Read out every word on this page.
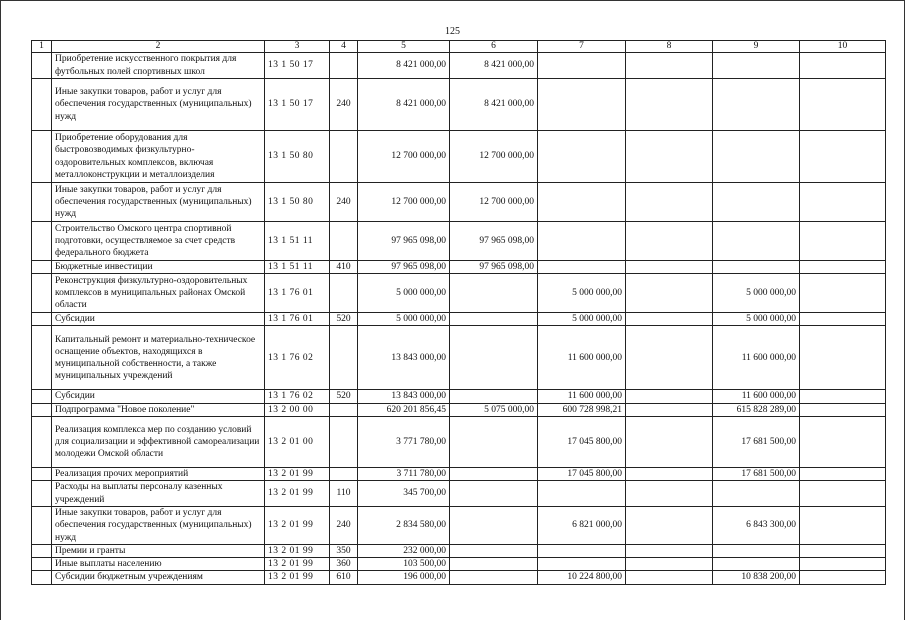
125
1	2	3	4	5	6	7	8	9	10
	Приобретение искусственного покрытия для футбольных полей спортивных школ	13 1 50 17		8 421 000,00	8 421 000,00				
	Иные закупки товаров, работ и услуг для обеспечения государственных (муниципальных) нужд	13 1 50 17	240	8 421 000,00	8 421 000,00				
	Приобретение оборудования для быстровозводимых физкультурно-оздоровительных комплексов, включая металлоконструкции и металлоизделия	13 1 50 80		12 700 000,00	12 700 000,00				
	Иные закупки товаров, работ и услуг для обеспечения государственных (муниципальных) нужд	13 1 50 80	240	12 700 000,00	12 700 000,00				
	Строительство Омского центра спортивной подготовки, осуществляемое за счет средств федерального бюджета	13 1 51 11		97 965 098,00	97 965 098,00				
	Бюджетные инвестиции	13 1 51 11	410	97 965 098,00	97 965 098,00				
	Реконструкция физкультурно-оздоровительных комплексов в муниципальных районах Омской области	13 1 76 01		5 000 000,00		5 000 000,00		5 000 000,00	
	Субсидии	13 1 76 01	520	5 000 000,00		5 000 000,00		5 000 000,00	
	Капитальный ремонт и материально-техническое оснащение объектов, находящихся в муниципальной собственности, а также муниципальных учреждений	13 1 76 02		13 843 000,00		11 600 000,00		11 600 000,00	
	Субсидии	13 1 76 02	520	13 843 000,00		11 600 000,00		11 600 000,00	
	Подпрограмма "Новое поколение"	13 2 00 00		620 201 856,45	5 075 000,00	600 728 998,21		615 828 289,00	
	Реализация комплекса мер по созданию условий для социализации и эффективной самореализации молодежи Омской области	13 2 01 00		3 771 780,00		17 045 800,00		17 681 500,00	
	Реализация прочих мероприятий	13 2 01 99		3 711 780,00		17 045 800,00		17 681 500,00	
	Расходы на выплаты персоналу казенных учреждений	13 2 01 99	110	345 700,00					
	Иные закупки товаров, работ и услуг для обеспечения государственных (муниципальных) нужд	13 2 01 99	240	2 834 580,00		6 821 000,00		6 843 300,00	
	Премии и гранты	13 2 01 99	350	232 000,00					
	Иные выплаты населению	13 2 01 99	360	103 500,00					
	Субсидии бюджетным учреждениям	13 2 01 99	610	196 000,00		10 224 800,00		10 838 200,00	
